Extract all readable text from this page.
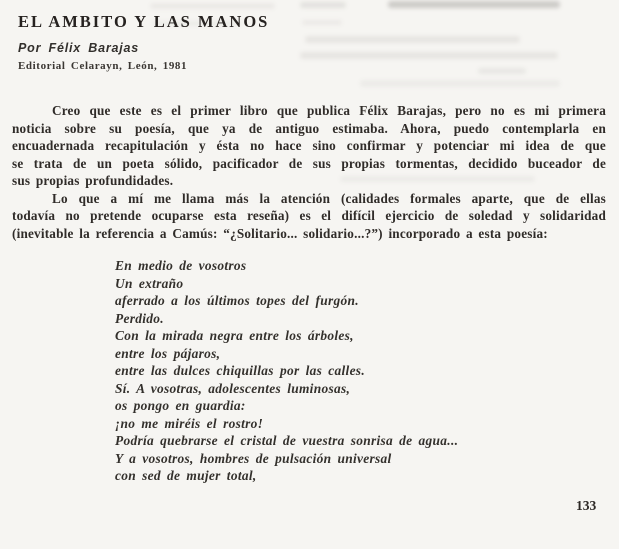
EL AMBITO Y LAS MANOS
Por Félix Barajas
Editorial Celarayn, León, 1981
Creo que este es el primer libro que publica Félix Barajas, pero no es mi primera
noticia sobre su poesía, que ya de antiguo estimaba. Ahora, puedo contemplarla en
encuadernada recapitulación y ésta no hace sino confirmar y potenciar mi idea de que
se trata de un poeta sólido, pacificador de sus propias tormentas, decidido buceador de
sus propias profundidades.
Lo que a mí me llama más la atención (calidades formales aparte, que de ellas
todavía no pretende ocuparse esta reseña) es el difícil ejercicio de soledad y solidaridad
(inevitable la referencia a Camús: “¿Solitario... solidario...?”) incorporado a esta poesía:
En medio de vosotros
Un extraño
aferrado a los últimos topes del furgón.
Perdido.
Con la mirada negra entre los árboles,
entre los pájaros,
entre las dulces chiquillas por las calles.
Sí. A vosotras, adolescentes luminosas,
os pongo en guardia:
¡no me miréis el rostro!
Podría quebrarse el cristal de vuestra sonrisa de agua...
Y a vosotros, hombres de pulsación universal
con sed de mujer total,
133
